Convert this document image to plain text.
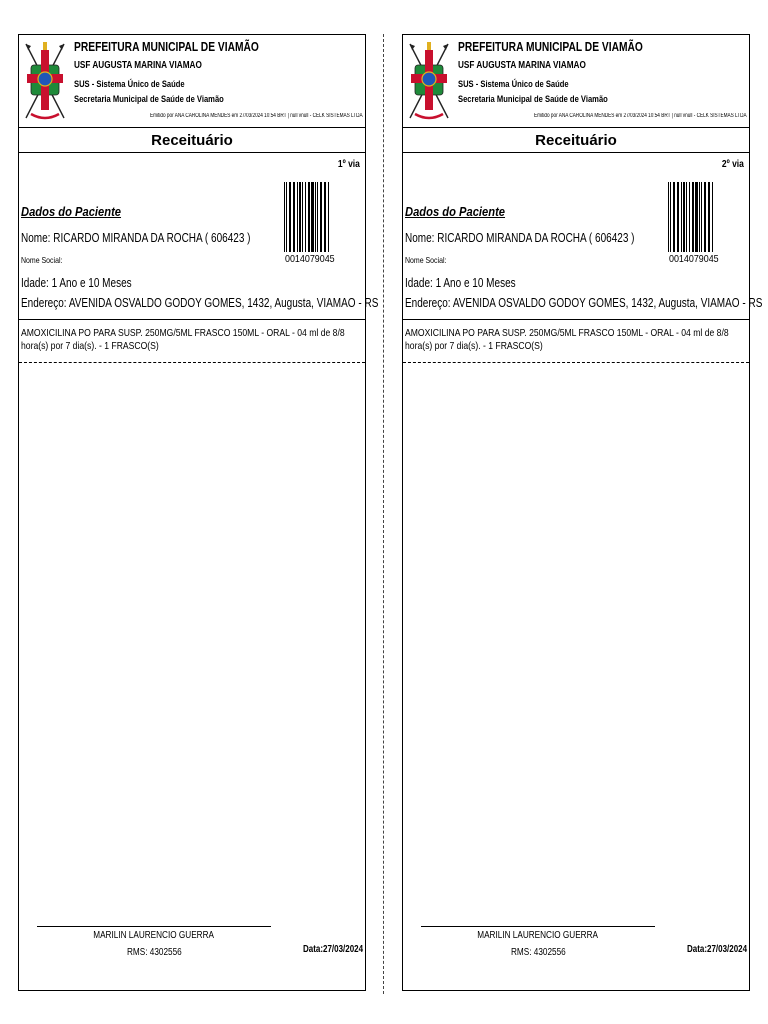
PREFEITURA MUNICIPAL DE VIAMÃO
USF AUGUSTA MARINA VIAMAO
SUS - Sistema Único de Saúde
Secretaria Municipal de Saúde de Viamão
Emitido por ANA CAROLINA MENDES em 27/03/2024 10:54 BRT | null vnull - CELK SISTEMAS LTDA
Receituário
1º via
0014079045
Dados do Paciente
Nome: RICARDO MIRANDA DA ROCHA ( 606423 )
Nome Social:
Idade: 1 Ano e 10 Meses
Endereço: AVENIDA OSVALDO GODOY GOMES, 1432, Augusta, VIAMAO - RS
AMOXICILINA PO PARA SUSP. 250MG/5ML FRASCO 150ML - ORAL - 04 ml de 8/8 hora(s) por 7 dia(s). - 1 FRASCO(S)
MARILIN LAURENCIO GUERRA
RMS: 4302556	Data:27/03/2024
PREFEITURA MUNICIPAL DE VIAMÃO
USF AUGUSTA MARINA VIAMAO
SUS - Sistema Único de Saúde
Secretaria Municipal de Saúde de Viamão
Emitido por ANA CAROLINA MENDES em 27/03/2024 10:54 BRT | null vnull - CELK SISTEMAS LTDA
Receituário
2º via
0014079045
Dados do Paciente
Nome: RICARDO MIRANDA DA ROCHA ( 606423 )
Nome Social:
Idade: 1 Ano e 10 Meses
Endereço: AVENIDA OSVALDO GODOY GOMES, 1432, Augusta, VIAMAO - RS
AMOXICILINA PO PARA SUSP. 250MG/5ML FRASCO 150ML - ORAL - 04 ml de 8/8 hora(s) por 7 dia(s). - 1 FRASCO(S)
MARILIN LAURENCIO GUERRA
RMS: 4302556	Data:27/03/2024
